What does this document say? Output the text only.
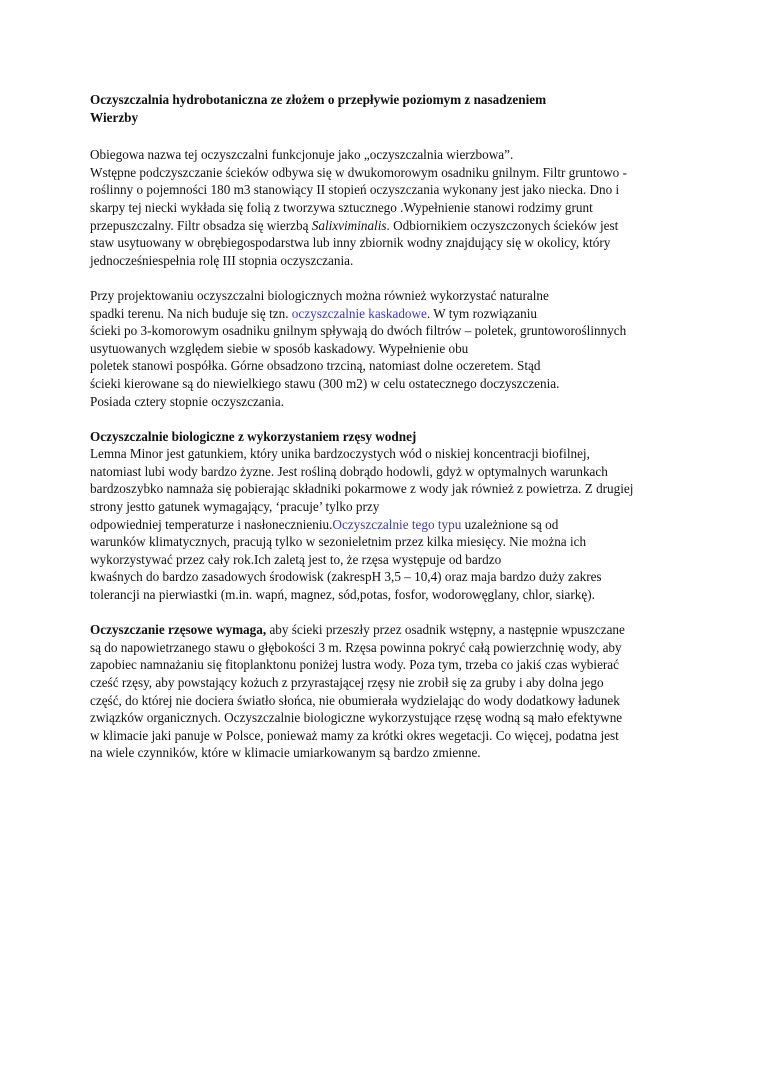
Oczyszczalnia hydrobotaniczna ze złożem o przepływie poziomym z nasadzeniem
Wierzby
Obiegowa nazwa tej oczyszczalni funkcjonuje jako „oczyszczalnia wierzbowa”.
Wstępne podczyszczanie ścieków odbywa się w dwukomorowym osadniku gnilnym. Filtr gruntowo -
roślinny o pojemności 180 m3 stanowiący II stopień oczyszczania wykonany jest jako niecka. Dno i
skarpy tej niecki wykłada się folią z tworzywa sztucznego .Wypełnienie stanowi rodzimy grunt
przepuszczalny. Filtr obsadza się wierzbą Salixviminalis. Odbiornikiem oczyszczonych ścieków jest
staw usytuowany w obrębiegospodarstwa lub inny zbiornik wodny znajdujący się w okolicy, który
jednocześniespełnia rolę III stopnia oczyszczania.
Przy projektowaniu oczyszczalni biologicznych można również wykorzystać naturalne
spadki terenu. Na nich buduje się tzn. oczyszczalnie kaskadowe. W tym rozwiązaniu
ścieki po 3-komorowym osadniku gnilnym spływają do dwóch filtrów – poletek, gruntoworoślinnych
usytuowanych względem siebie w sposób kaskadowy. Wypełnienie obu
poletek stanowi pospółka. Górne obsadzono trzciną, natomiast dolne oczeretem. Stąd
ścieki kierowane są do niewielkiego stawu (300 m2) w celu ostatecznego doczyszczenia.
Posiada cztery stopnie oczyszczania.
Oczyszczalnie biologiczne z wykorzystaniem rzęsy wodnej
Lemna Minor jest gatunkiem, który unika bardzoczystych wód o niskiej koncentracji biofilnej,
natomiast lubi wody bardzo żyzne. Jest rośliną dobrądo hodowli, gdyż w optymalnych warunkach
bardzoszybko namnaża się pobierając składniki pokarmowe z wody jak również z powietrza. Z drugiej
strony jestto gatunek wymagający, ‘pracuje’ tylko przy
odpowiedniej temperaturze i nasłonecznieniu.Oczyszczalnie tego typu uzależnione są od
warunków klimatycznych, pracują tylko w sezonieletnim przez kilka miesięcy. Nie można ich
wykorzystywać przez cały rok.Ich zaletą jest to, że rzęsa występuje od bardzo
kwaśnych do bardzo zasadowych środowisk (zakrespH 3,5 – 10,4) oraz maja bardzo duży zakres
tolerancji na pierwiastki (m.in. wapń, magnez, sód,potas, fosfor, wodorowęglany, chlor, siarkę).
Oczyszczanie rzęsowe wymaga, aby ścieki przeszły przez osadnik wstępny, a następnie wpuszczane
są do napowietrzanego stawu o głębokości 3 m. Rzęsa powinna pokryć całą powierzchnię wody, aby
zapobiec namnażaniu się fitoplanktonu poniżej lustra wody. Poza tym, trzeba co jakiś czas wybierać
cześć rzęsy, aby powstający kożuch z przyrastającej rzęsy nie zrobił się za gruby i aby dolna jego
część, do której nie dociera światło słońca, nie obumierała wydzielając do wody dodatkowy ładunek
związków organicznych. Oczyszczalnie biologiczne wykorzystujące rzęsę wodną są mało efektywne
w klimacie jaki panuje w Polsce, ponieważ mamy za krótki okres wegetacji. Co więcej, podatna jest
na wiele czynników, które w klimacie umiarkowanym są bardzo zmienne.
